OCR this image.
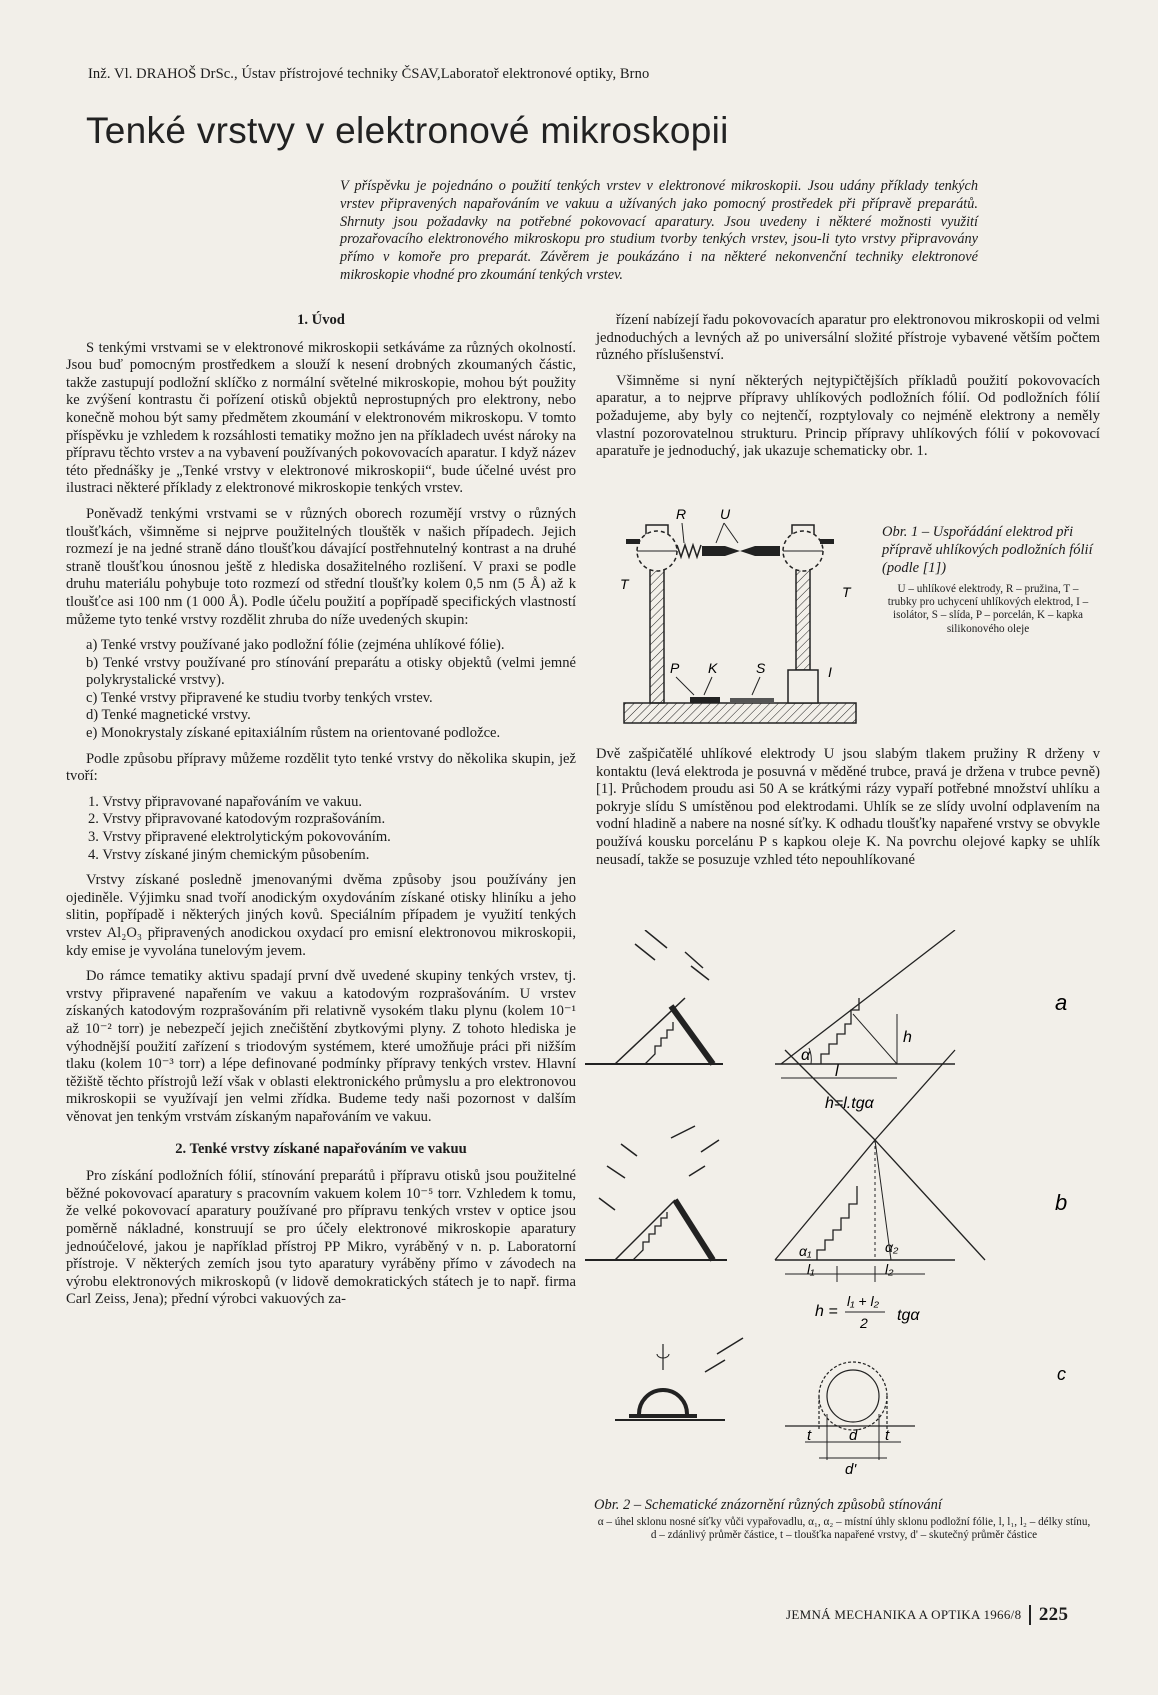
Inž. Vl. DRAHOŠ DrSc., Ústav přístrojové techniky ČSAV,Laboratoř elektronové optiky, Brno
Tenké vrstvy v elektronové mikroskopii
V příspěvku je pojednáno o použití tenkých vrstev v elektronové mikroskopii. Jsou udány příklady tenkých vrstev připravených napařováním ve vakuu a užívaných jako pomocný prostředek při přípravě preparátů. Shrnuty jsou požadavky na potřebné pokovovací aparatury. Jsou uvedeny i některé možnosti využití prozařovacího elektronového mikroskopu pro studium tvorby tenkých vrstev, jsou-li tyto vrstvy připravovány přímo v komoře pro preparát. Závěrem je poukázáno i na některé nekonvenční techniky elektronové mikroskopie vhodné pro zkoumání tenkých vrstev.
1. Úvod

S tenkými vrstvami se v elektronové mikroskopii setkáváme za různých okolností. Jsou buď pomocným prostředkem a slouží k nesení drobných zkoumaných částic, takže zastupují podložní sklíčko z normální světelné mikroskopie, mohou být použity ke zvýšení kontrastu či pořízení otisků objektů neprostupných pro elektrony, nebo konečně mohou být samy předmětem zkoumání v elektronovém mikroskopu. V tomto příspěvku je vzhledem k rozsáhlosti tematiky možno jen na příkladech uvést nároky na přípravu těchto vrstev a na vybavení používaných pokovovacích aparatur. I když název této přednášky je „Tenké vrstvy v elektronové mikroskopii“, bude účelné uvést pro ilustraci některé příklady z elektronové mikroskopie tenkých vrstev.

Poněvadž tenkými vrstvami se v různých oborech rozumějí vrstvy o různých tloušťkách, všimněme si nejprve použitelných tlouštěk v našich případech. Jejich rozmezí je na jedné straně dáno tloušťkou dávající postřehnutelný kontrast a na druhé straně tloušťkou únosnou ještě z hlediska dosažitelného rozlišení. V praxi se podle druhu materiálu pohybuje toto rozmezí od střední tloušťky kolem 0,5 nm (5 Å) až k tloušťce asi 100 nm (1 000 Å). Podle účelu použití a popřípadě specifických vlastností můžeme tyto tenké vrstvy rozdělit zhruba do níže uvedených skupin:

a) Tenké vrstvy používané jako podložní fólie (zejména uhlíkové fólie).
b) Tenké vrstvy používané pro stínování preparátu a otisky objektů (velmi jemné polykrystalické vrstvy).
c) Tenké vrstvy připravené ke studiu tvorby tenkých vrstev.
d) Tenké magnetické vrstvy.
e) Monokrystaly získané epitaxiálním růstem na orientované podložce.

Podle způsobu přípravy můžeme rozdělit tyto tenké vrstvy do několika skupin, jež tvoří:

1. Vrstvy připravované napařováním ve vakuu.
2. Vrstvy připravované katodovým rozprašováním.
3. Vrstvy připravené elektrolytickým pokovováním.
4. Vrstvy získané jiným chemickým působením.

Vrstvy získané posledně jmenovanými dvěma způsoby jsou používány jen ojediněle. Výjimku snad tvoří anodickým oxydováním získané otisky hliníku a jeho slitin, popřípadě i některých jiných kovů. Speciálním případem je využití tenkých vrstev Al₂O₃ připravených anodickou oxydací pro emisní elektronovou mikroskopii, kdy emise je vyvolána tunelovým jevem.

Do rámce tematiky aktivu spadají první dvě uvedené skupiny tenkých vrstev, tj. vrstvy připravené napařením ve vakuu a katodovým rozprašováním. U vrstev získaných katodovým rozprašováním při relativně vysokém tlaku plynu (kolem 10⁻¹ až 10⁻² torr) je nebezpečí jejich znečištění zbytkovými plyny. Z tohoto hlediska je výhodnější použití zařízení s triodovým systémem, které umožňuje práci při nižším tlaku (kolem 10⁻³ torr) a lépe definované podmínky přípravy tenkých vrstev. Hlavní těžiště těchto přístrojů leží však v oblasti elektronického průmyslu a pro elektronovou mikroskopii se využívají jen velmi zřídka. Budeme tedy naši pozornost v dalším věnovat jen tenkým vrstvám získaným napařováním ve vakuu.

2. Tenké vrstvy získané napařováním ve vakuu

Pro získání podložních fólií, stínování preparátů i přípravu otisků jsou použitelné běžné pokovovací aparatury s pracovním vakuem kolem 10⁻⁵ torr. Vzhledem k tomu, že velké pokovovací aparatury používané pro přípravu tenkých vrstev v optice jsou poměrně nákladné, konstruují se pro účely elektronové mikroskopie aparatury jednoúčelové, jakou je například přístroj PP Mikro, vyráběný v n. p. Laboratorní přístroje. V některých zemích jsou tyto aparatury vyráběny přímo v závodech na výrobu elektronových mikroskopů (v lidově demokratických státech je to např. firma Carl Zeiss, Jena); přední výrobci vakuových za-

řízení nabízejí řadu pokovovacích aparatur pro elektronovou mikroskopii od velmi jednoduchých a levných až po universální složité přístroje vybavené větším počtem různého příslušenství.

Všimněme si nyní některých nejtypičtějších příkladů použití pokovovacích aparatur, a to nejprve přípravy uhlíkových podložních fólií. Od podložních fólií požadujeme, aby byly co nejtenčí, rozptylovaly co nejméně elektrony a neměly vlastní pozorovatelnou strukturu. Princip přípravy uhlíkových fólií v pokovovací aparatuře je jednoduchý, jak ukazuje schematicky obr. 1.

R U
T	T
P K	S	I
Obr. 1 – Uspořádání elektrod při přípravě uhlíkových podložních fólií (podle [1])
U – uhlíkové elektrody, R – pružina, T – trubky pro uchycení uhlíkových elektrod, I – isolátor, S – slída, P – porcelán, K – kapka silikonového oleje

Dvě zašpičatělé uhlíkové elektrody U jsou slabým tlakem pružiny R drženy v kontaktu (levá elektroda je posuvná v měděné trubce, pravá je držena v trubce pevně) [1]. Průchodem proudu asi 50 A se krátkými rázy vypaří potřebné množství uhlíku a pokryje slídu S umístěnou pod elektrodami. Uhlík se ze slídy uvolní odplavením na vodní hladině a nabere na nosné síťky. K odhadu tloušťky napařené vrstvy se obvykle používá kousku porcelánu P s kapkou oleje K. Na povrchu olejové kapky se uhlík neusadí, takže se posuzuje vzhled této nepouhlíkované

α
h
l
h=l.tgα
a
α₁	α₂
l₁	l₂
h =
l₁ + l₂
2 tgα
b
t	d t
d'
c
Obr. 2 – Schematické znázornění různých způsobů stínování
α – úhel sklonu nosné síťky vůči vypařovadlu, α₁, α₂ – místní úhly sklonu podložní fólie, l, l₁, l₂ – délky stínu, d – zdánlivý průměr částice, t – tloušťka napařené vrstvy, d' – skutečný průměr částice
JEMNÁ MECHANIKA A OPTIKA 1966/8 225
